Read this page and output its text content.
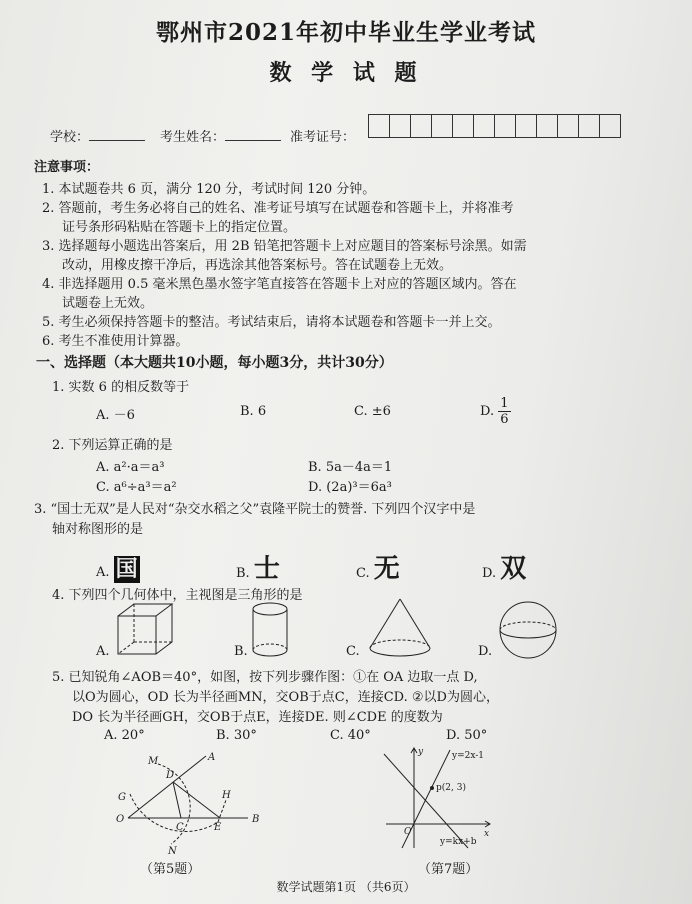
鄂州市2021年初中毕业生学业考试
数 学 试 题
学校：	考生姓名：	准考证号：
注意事项：
1. 本试题卷共 6 页，满分 120 分，考试时间 120 分钟。
2. 答题前，考生务必将自己的姓名、准考证号填写在试题卷和答题卡上，并将准考
证号条形码粘贴在答题卡上的指定位置。
3. 选择题每小题选出答案后，用 2B 铅笔把答题卡上对应题目的答案标号涂黑。如需
改动，用橡皮擦干净后，再选涂其他答案标号。答在试题卷上无效。
4. 非选择题用 0.5 毫米黑色墨水签字笔直接答在答题卡上对应的答题区域内。答在
试题卷上无效。
5. 考生必须保持答题卡的整洁。考试结束后，请将本试题卷和答题卡一并上交。
6. 考生不准使用计算器。
一、选择题（本大题共10小题，每小题3分，共计30分）
1. 实数 6 的相反数等于
A. －6	B. 6	C. ±6	D. $\frac{1}{6}$
2. 下列运算正确的是
A. a²·a＝a³	B. 5a－4a＝1
C. a⁶÷a³＝a²	D. (2a)³＝6a³
3. “国士无双”是人民对“杂交水稻之父”袁隆平院士的赞誉. 下列四个汉字中是
轴对称图形的是
A. 国	B. 士	C. 无	D. 双
4. 下列四个几何体中，主视图是三角形的是
A.	B.	C.	D.
5. 已知锐角∠AOB＝40°，如图，按下列步骤作图：①在 OA 边取一点 D,
以O为圆心，OD 长为半径画MN，交OB于点C，连接CD. ②以D为圆心，
DO 长为半径画GH，交OB于点E，连接DE. 则∠CDE 的度数为
A. 20°	B. 30°	C. 40°	D. 50°
M	A
D
G	H
O
C	E
B
N
（第5题）
y=2x-1
p(2, 3)
y=kx+b
y
x
O
（第7题）
数学试题第1页 （共6页）
